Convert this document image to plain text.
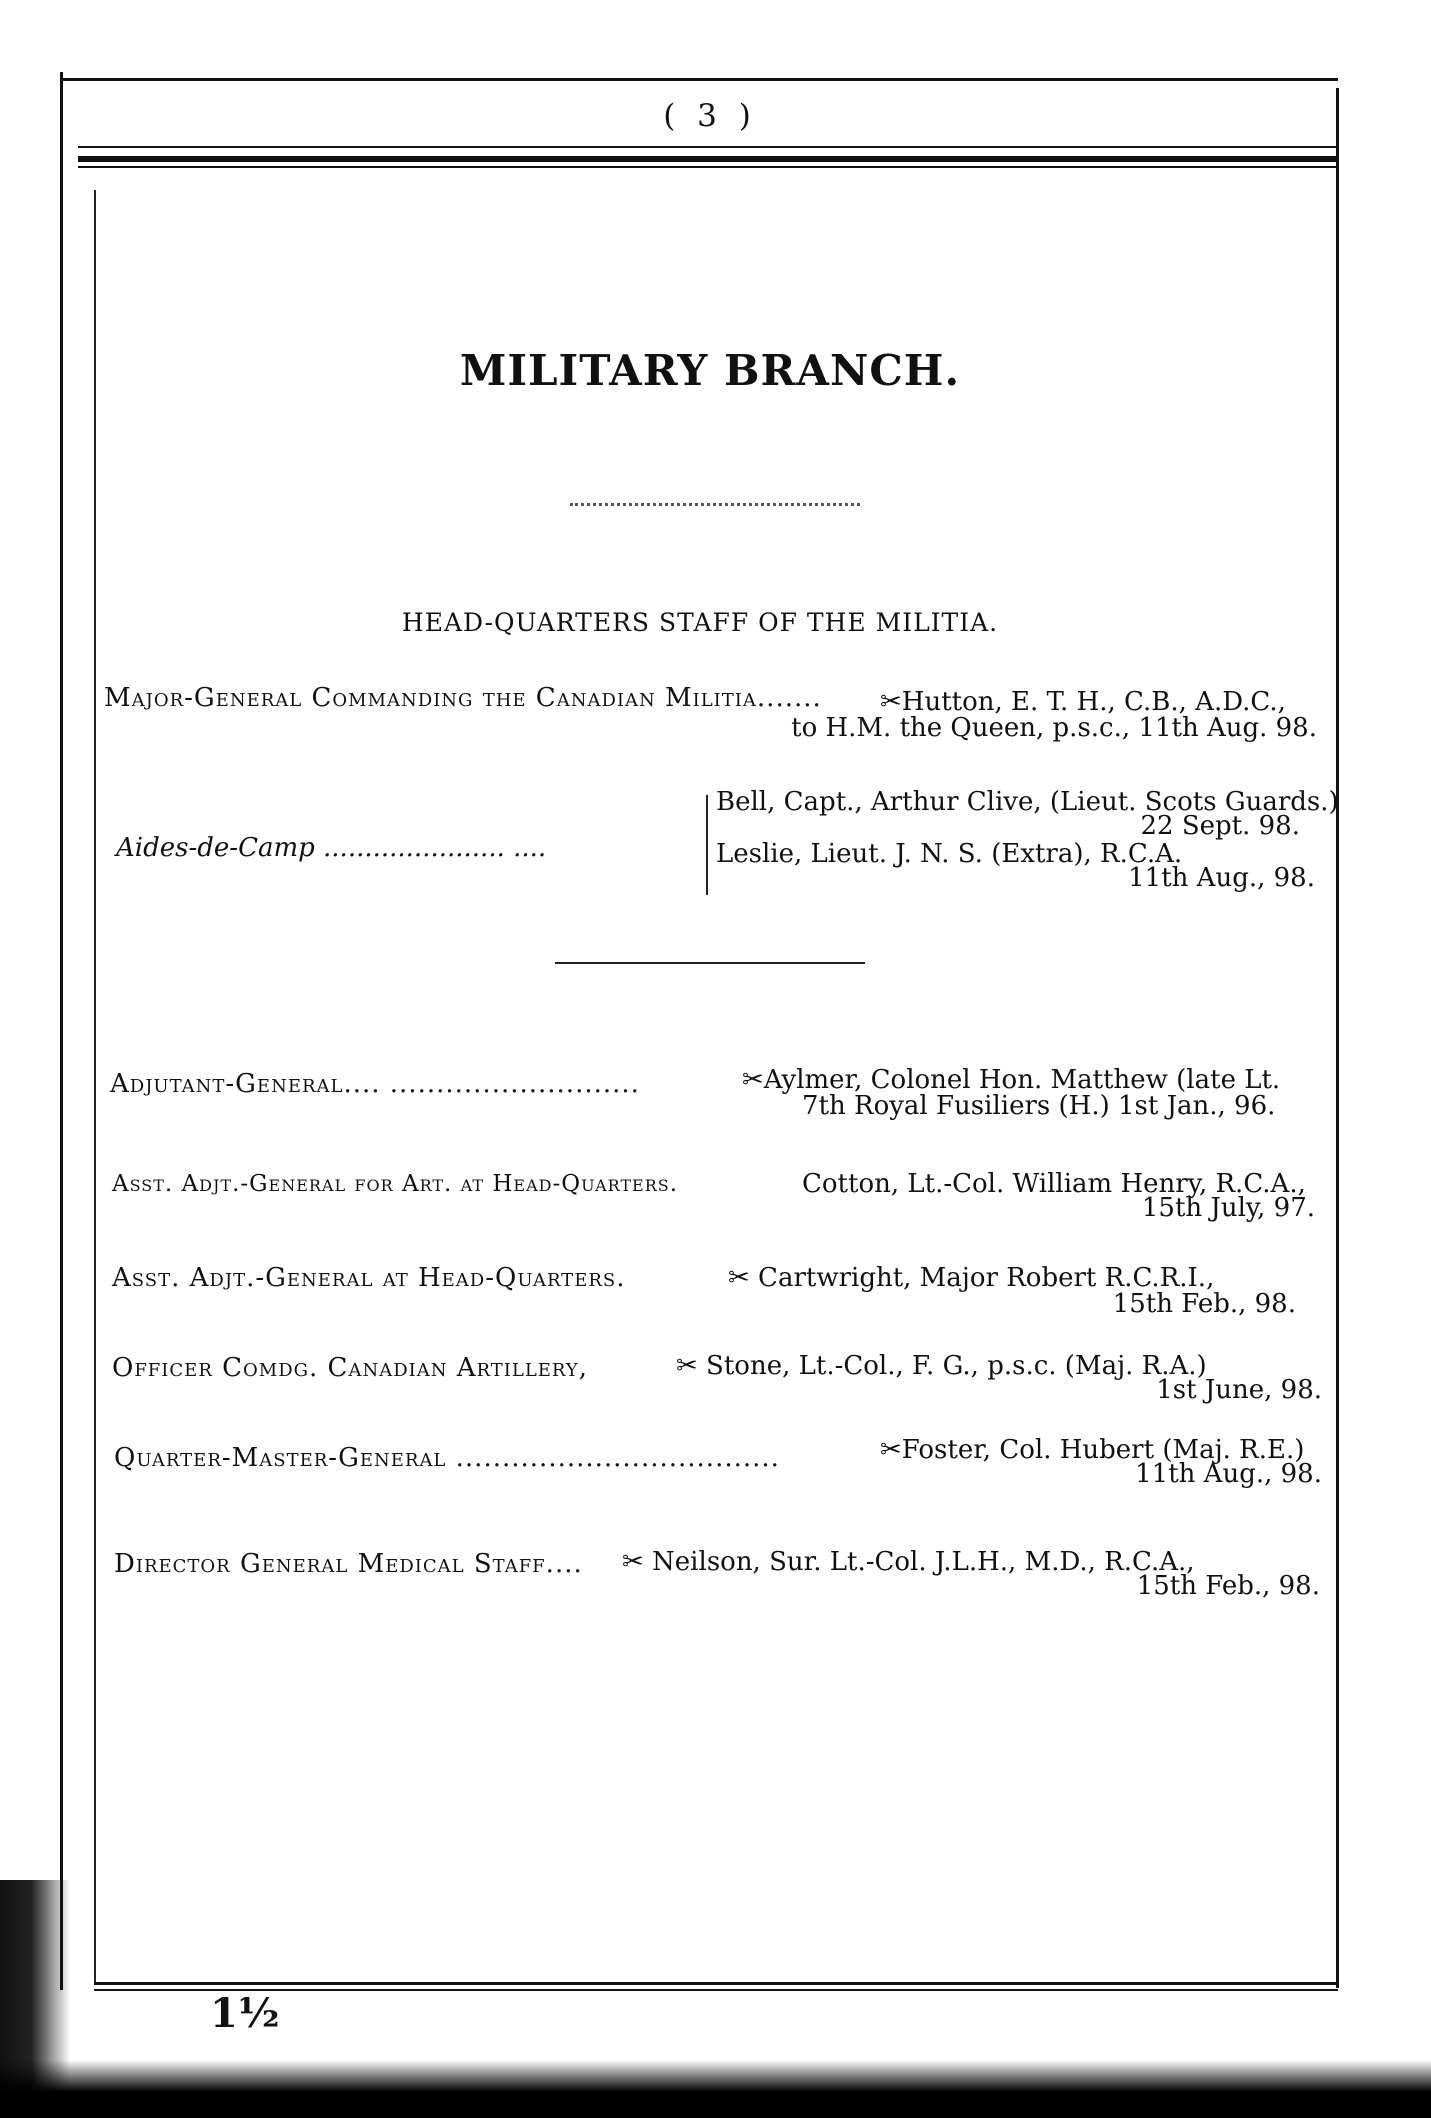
( 3 )
MILITARY BRANCH.
HEAD-QUARTERS STAFF OF THE MILITIA.
Major-General Commanding the Canadian Militia....... ✂Hutton, E. T. H., C.B., A.D.C.,
to H.M. the Queen, p.s.c., 11th Aug. 98.
Aides-de-Camp ...................... ....
Bell, Capt., Arthur Clive, (Lieut. Scots Guards.)
22 Sept. 98.
Leslie, Lieut. J. N. S. (Extra), R.C.A.
11th Aug., 98.
Adjutant-General.... ...........................	✂Aylmer, Colonel Hon. Matthew (late Lt.
7th Royal Fusiliers (H.) 1st Jan., 96.
Asst. Adjt.-General for Art. at Head-Quarters.	Cotton, Lt.-Col. William Henry, R.C.A.,
15th July, 97.
Asst. Adjt.-General at Head-Quarters.	✂ Cartwright, Major Robert R.C.R.I.,
15th Feb., 98.
Officer Comdg. Canadian Artillery,	✂ Stone, Lt.-Col., F. G., p.s.c. (Maj. R.A.)
1st June, 98.
Quarter-Master-General ...................................	✂Foster, Col. Hubert (Maj. R.E.)
11th Aug., 98.
Director General Medical Staff.... ✂ Neilson, Sur. Lt.-Col. J.L.H., M.D., R.C.A.,
15th Feb., 98.
1½
